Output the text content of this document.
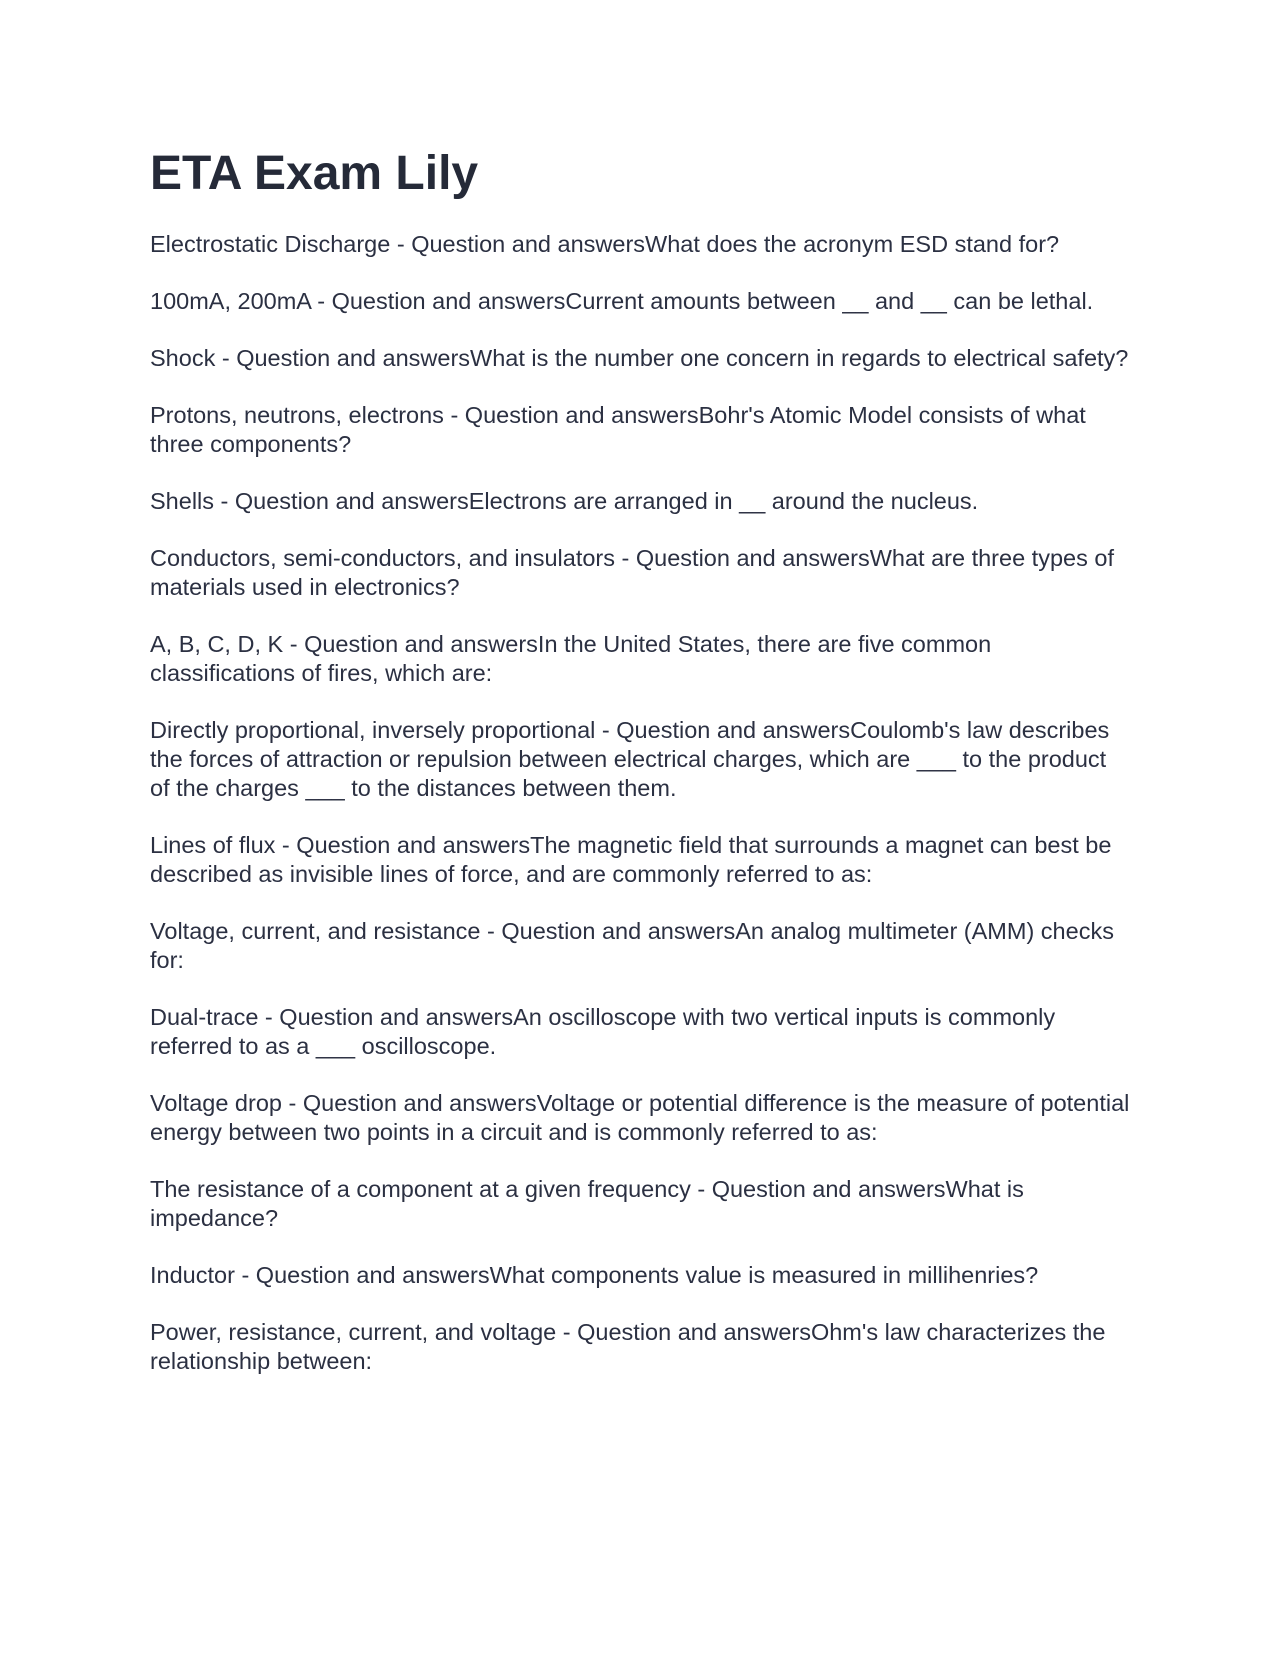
ETA Exam Lily
Electrostatic Discharge - Question and answersWhat does the acronym ESD stand for?
100mA, 200mA - Question and answersCurrent amounts between __ and __ can be lethal.
Shock - Question and answersWhat is the number one concern in regards to electrical safety?
Protons, neutrons, electrons - Question and answersBohr's Atomic Model consists of what three components?
Shells - Question and answersElectrons are arranged in __ around the nucleus.
Conductors, semi-conductors, and insulators - Question and answersWhat are three types of materials used in electronics?
A, B, C, D, K - Question and answersIn the United States, there are five common classifications of fires, which are:
Directly proportional, inversely proportional - Question and answersCoulomb's law describes the forces of attraction or repulsion between electrical charges, which are ___ to the product of the charges ___ to the distances between them.
Lines of flux - Question and answersThe magnetic field that surrounds a magnet can best be described as invisible lines of force, and are commonly referred to as:
Voltage, current, and resistance - Question and answersAn analog multimeter (AMM) checks for:
Dual-trace - Question and answersAn oscilloscope with two vertical inputs is commonly referred to as a ___ oscilloscope.
Voltage drop - Question and answersVoltage or potential difference is the measure of potential energy between two points in a circuit and is commonly referred to as:
The resistance of a component at a given frequency - Question and answersWhat is impedance?
Inductor - Question and answersWhat components value is measured in millihenries?
Power, resistance, current, and voltage - Question and answersOhm's law characterizes the relationship between:
